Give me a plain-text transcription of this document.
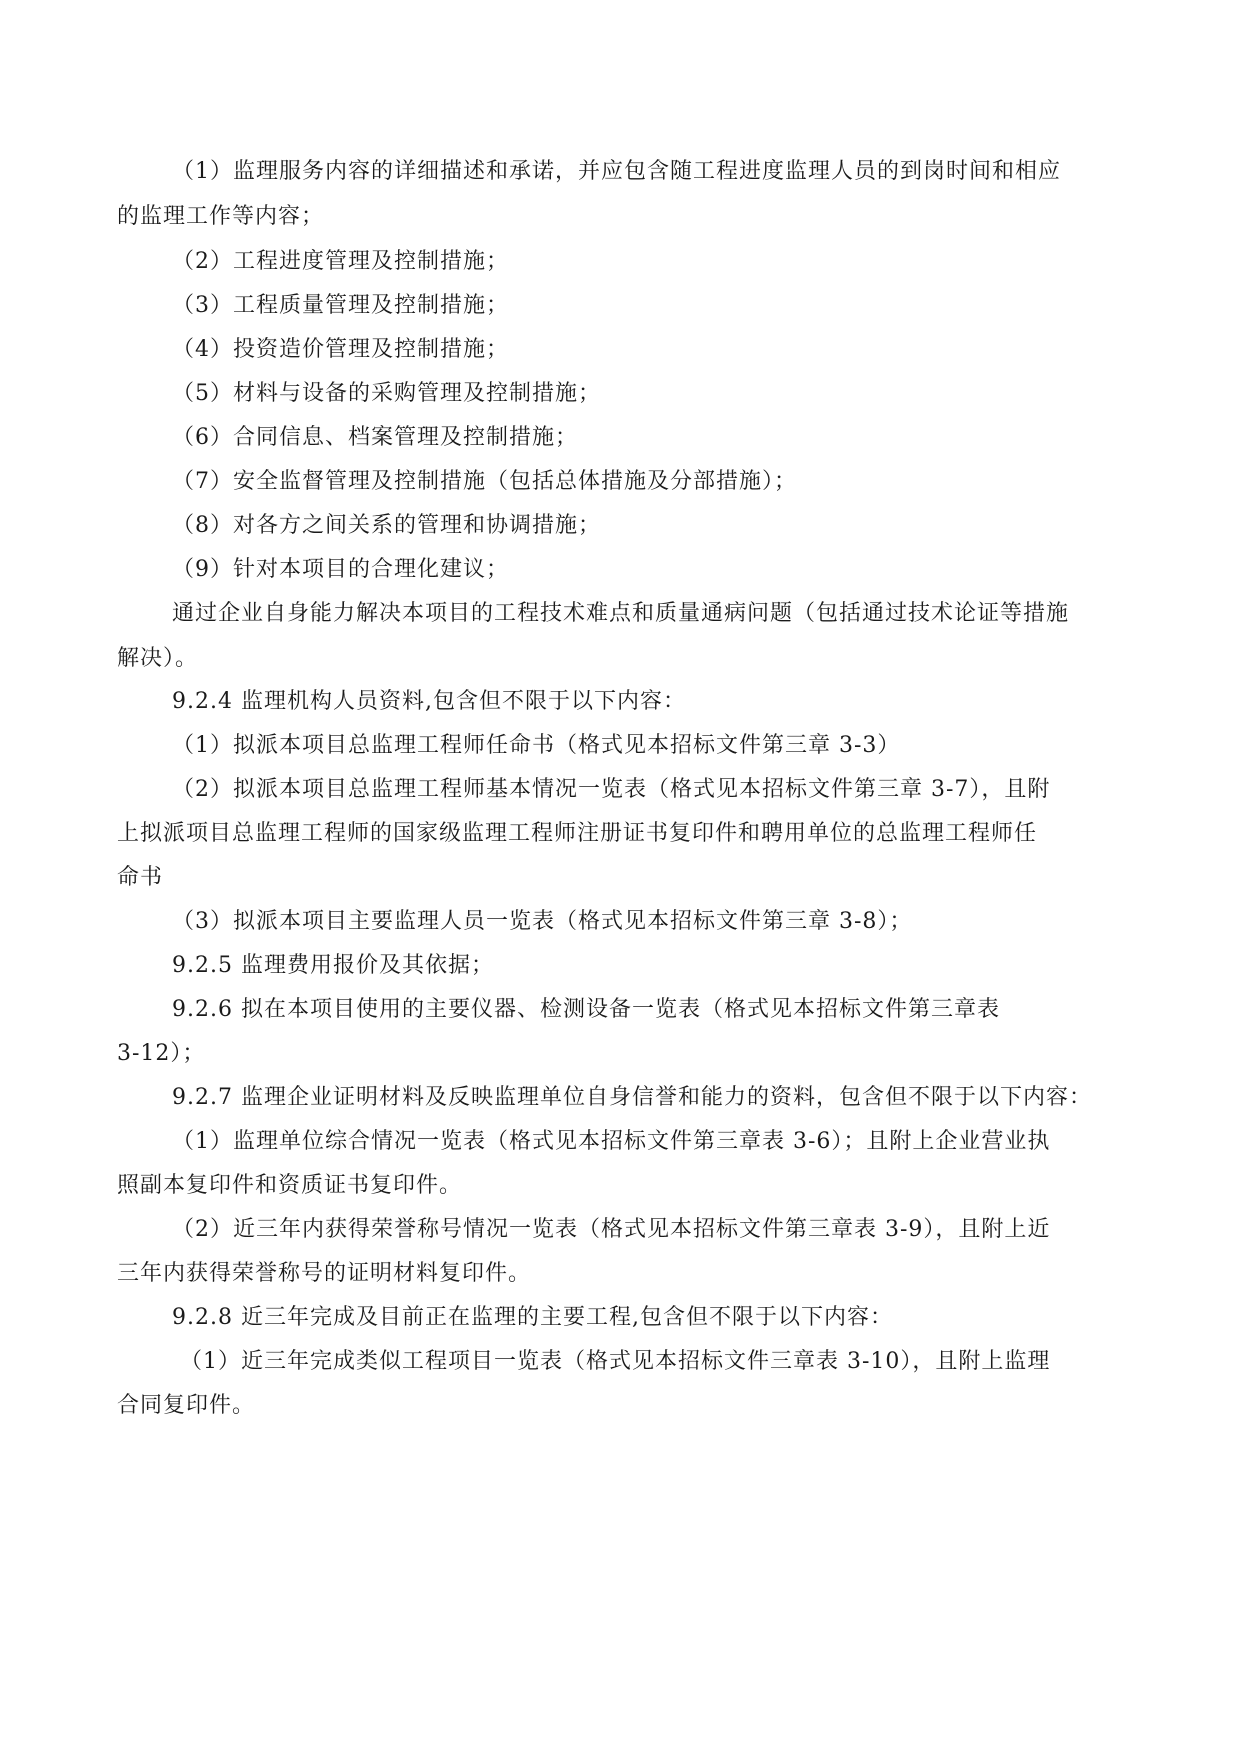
（1）监理服务内容的详细描述和承诺，并应包含随工程进度监理人员的到岗时间和相应
的监理工作等内容；
（2）工程进度管理及控制措施；
（3）工程质量管理及控制措施；
（4）投资造价管理及控制措施；
（5）材料与设备的采购管理及控制措施；
（6）合同信息、档案管理及控制措施；
（7）安全监督管理及控制措施（包括总体措施及分部措施）；
（8）对各方之间关系的管理和协调措施；
（9）针对本项目的合理化建议；
通过企业自身能力解决本项目的工程技术难点和质量通病问题（包括通过技术论证等措施
解决）。
9.2.4 监理机构人员资料,包含但不限于以下内容：
（1）拟派本项目总监理工程师任命书（格式见本招标文件第三章 3-3）
（2）拟派本项目总监理工程师基本情况一览表（格式见本招标文件第三章 3-7），且附
上拟派项目总监理工程师的国家级监理工程师注册证书复印件和聘用单位的总监理工程师任
命书
（3）拟派本项目主要监理人员一览表（格式见本招标文件第三章 3-8）；
9.2.5 监理费用报价及其依据；
9.2.6 拟在本项目使用的主要仪器、检测设备一览表（格式见本招标文件第三章表
3-12）；
9.2.7 监理企业证明材料及反映监理单位自身信誉和能力的资料，包含但不限于以下内容：
（1）监理单位综合情况一览表（格式见本招标文件第三章表 3-6）；且附上企业营业执
照副本复印件和资质证书复印件。
（2）近三年内获得荣誉称号情况一览表（格式见本招标文件第三章表 3-9），且附上近
三年内获得荣誉称号的证明材料复印件。
9.2.8 近三年完成及目前正在监理的主要工程,包含但不限于以下内容：
（1）近三年完成类似工程项目一览表（格式见本招标文件三章表 3-10），且附上监理
合同复印件。
